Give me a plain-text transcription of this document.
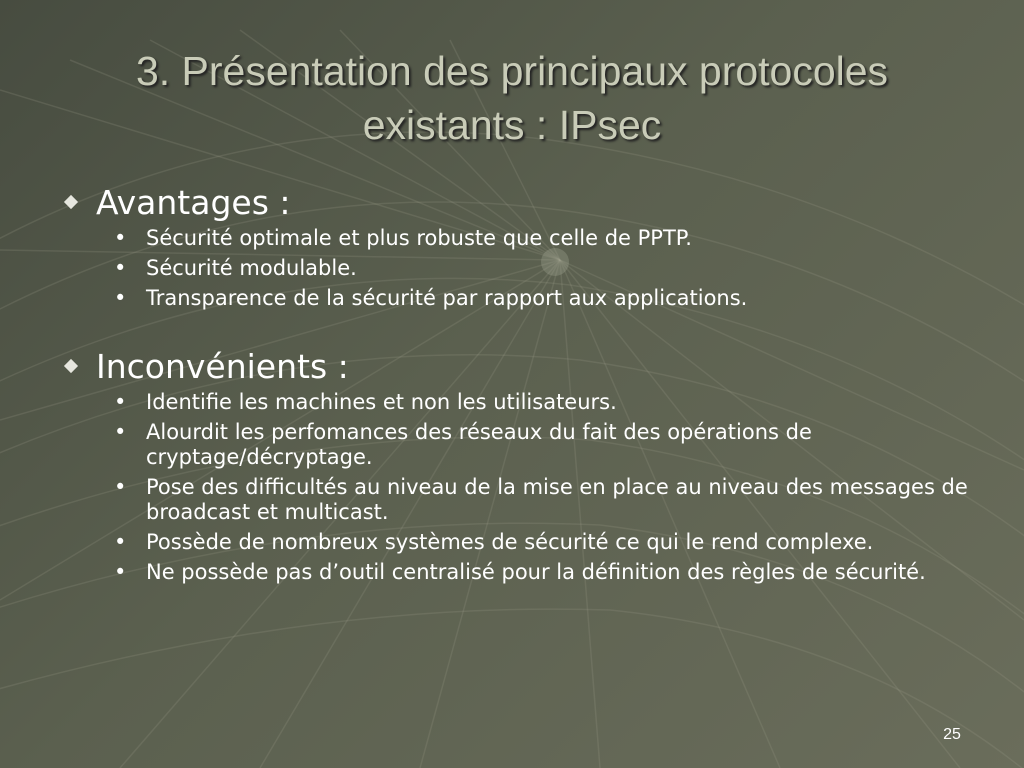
3. Présentation des principaux protocoles existants : IPsec
Avantages :
• Sécurité optimale et plus robuste que celle de PPTP.
• Sécurité modulable.
• Transparence de la sécurité par rapport aux applications.
Inconvénients :
• Identifie les machines et non les utilisateurs.
• Alourdit les perfomances des réseaux du fait des opérations de cryptage/décryptage.
• Pose des difficultés au niveau de la mise en place au niveau des messages de broadcast et multicast.
• Possède de nombreux systèmes de sécurité ce qui le rend complexe.
• Ne possède pas d’outil centralisé pour la définition des règles de sécurité.
25
